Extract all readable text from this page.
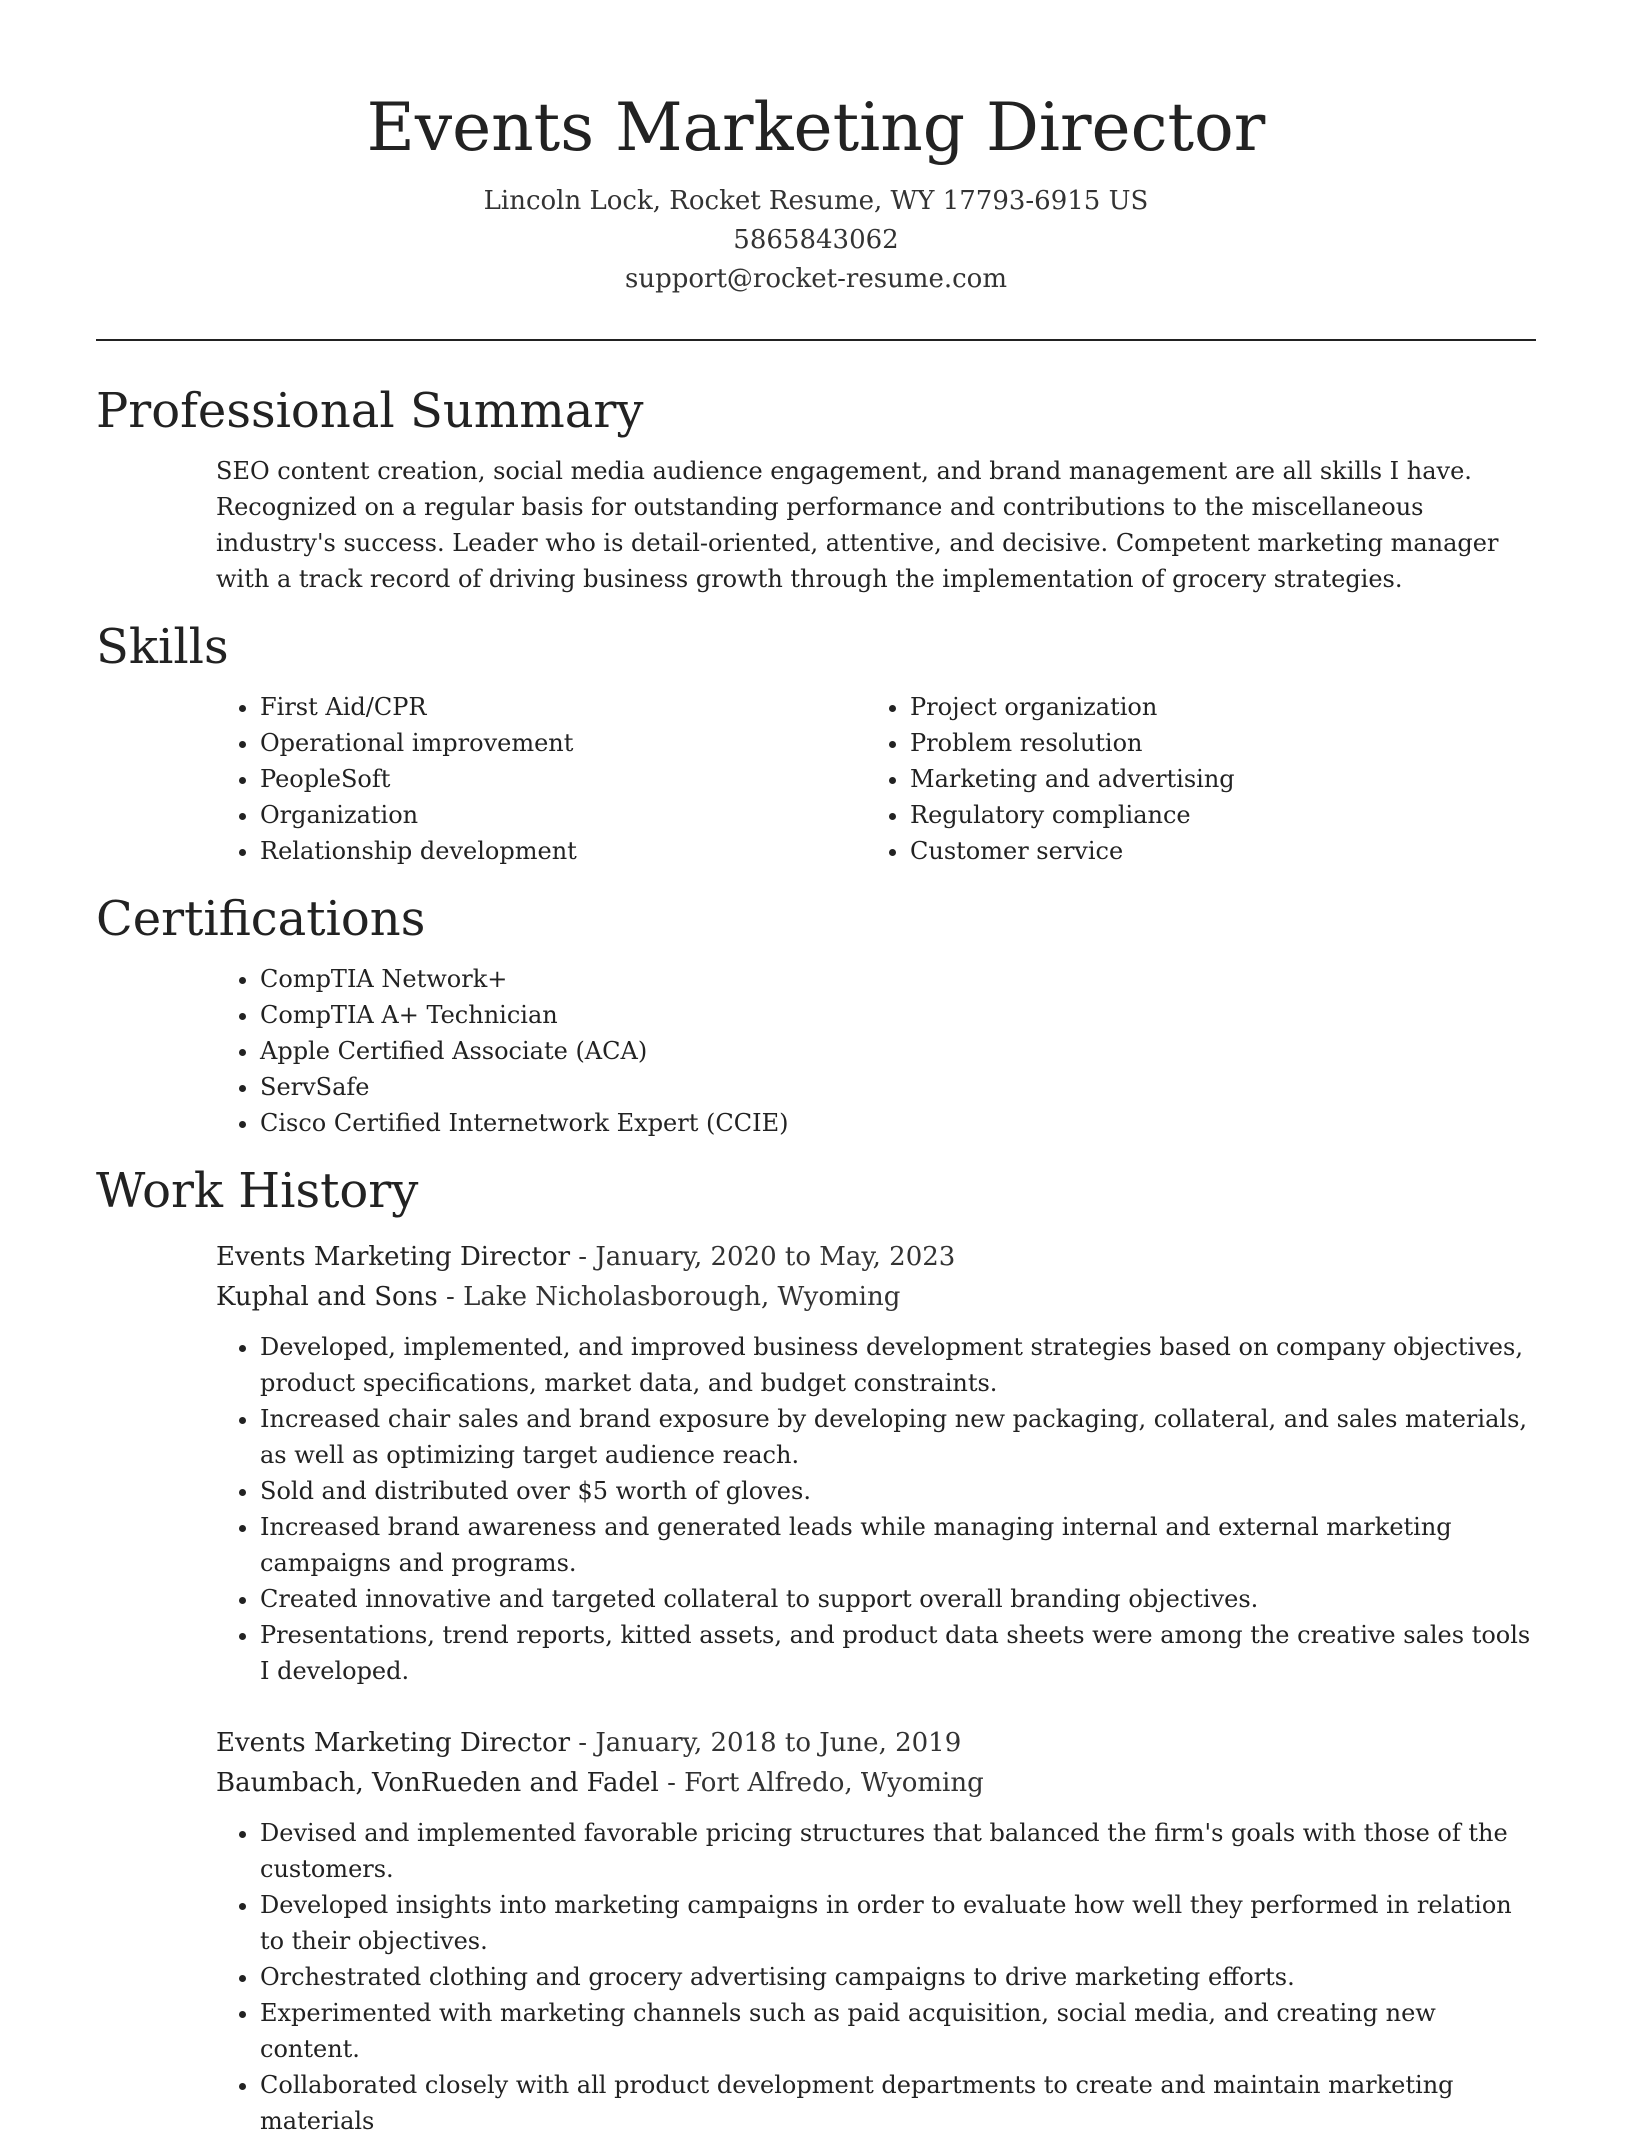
Events Marketing Director
Lincoln Lock, Rocket Resume, WY 17793-6915 US
5865843062
support@rocket-resume.com
Professional Summary

SEO content creation, social media audience engagement, and brand management are all skills I have. Recognized on a regular basis for outstanding performance and contributions to the miscellaneous industry's success. Leader who is detail-oriented, attentive, and decisive. Competent marketing manager with a track record of driving business growth through the implementation of grocery strategies.

Skills
• First Aid/CPR
• Operational improvement
• PeopleSoft
• Organization
• Relationship development
• Project organization
• Problem resolution
• Marketing and advertising
• Regulatory compliance
• Customer service
Certifications
• CompTIA Network+
• CompTIA A+ Technician
• Apple Certified Associate (ACA)
• ServSafe
• Cisco Certified Internetwork Expert (CCIE)
Work History
Events Marketing Director - January, 2020 to May, 2023
Kuphal and Sons - Lake Nicholasborough, Wyoming
• Developed, implemented, and improved business development strategies based on company objectives, product specifications, market data, and budget constraints.
• Increased chair sales and brand exposure by developing new packaging, collateral, and sales materials, as well as optimizing target audience reach.
• Sold and distributed over $5 worth of gloves.
• Increased brand awareness and generated leads while managing internal and external marketing campaigns and programs.
• Created innovative and targeted collateral to support overall branding objectives.
• Presentations, trend reports, kitted assets, and product data sheets were among the creative sales tools I developed.
Events Marketing Director - January, 2018 to June, 2019
Baumbach, VonRueden and Fadel - Fort Alfredo, Wyoming
• Devised and implemented favorable pricing structures that balanced the firm's goals with those of the customers.
• Developed insights into marketing campaigns in order to evaluate how well they performed in relation to their objectives.
• Orchestrated clothing and grocery advertising campaigns to drive marketing efforts.
• Experimented with marketing channels such as paid acquisition, social media, and creating new content.
• Collaborated closely with all product development departments to create and maintain marketing materials
